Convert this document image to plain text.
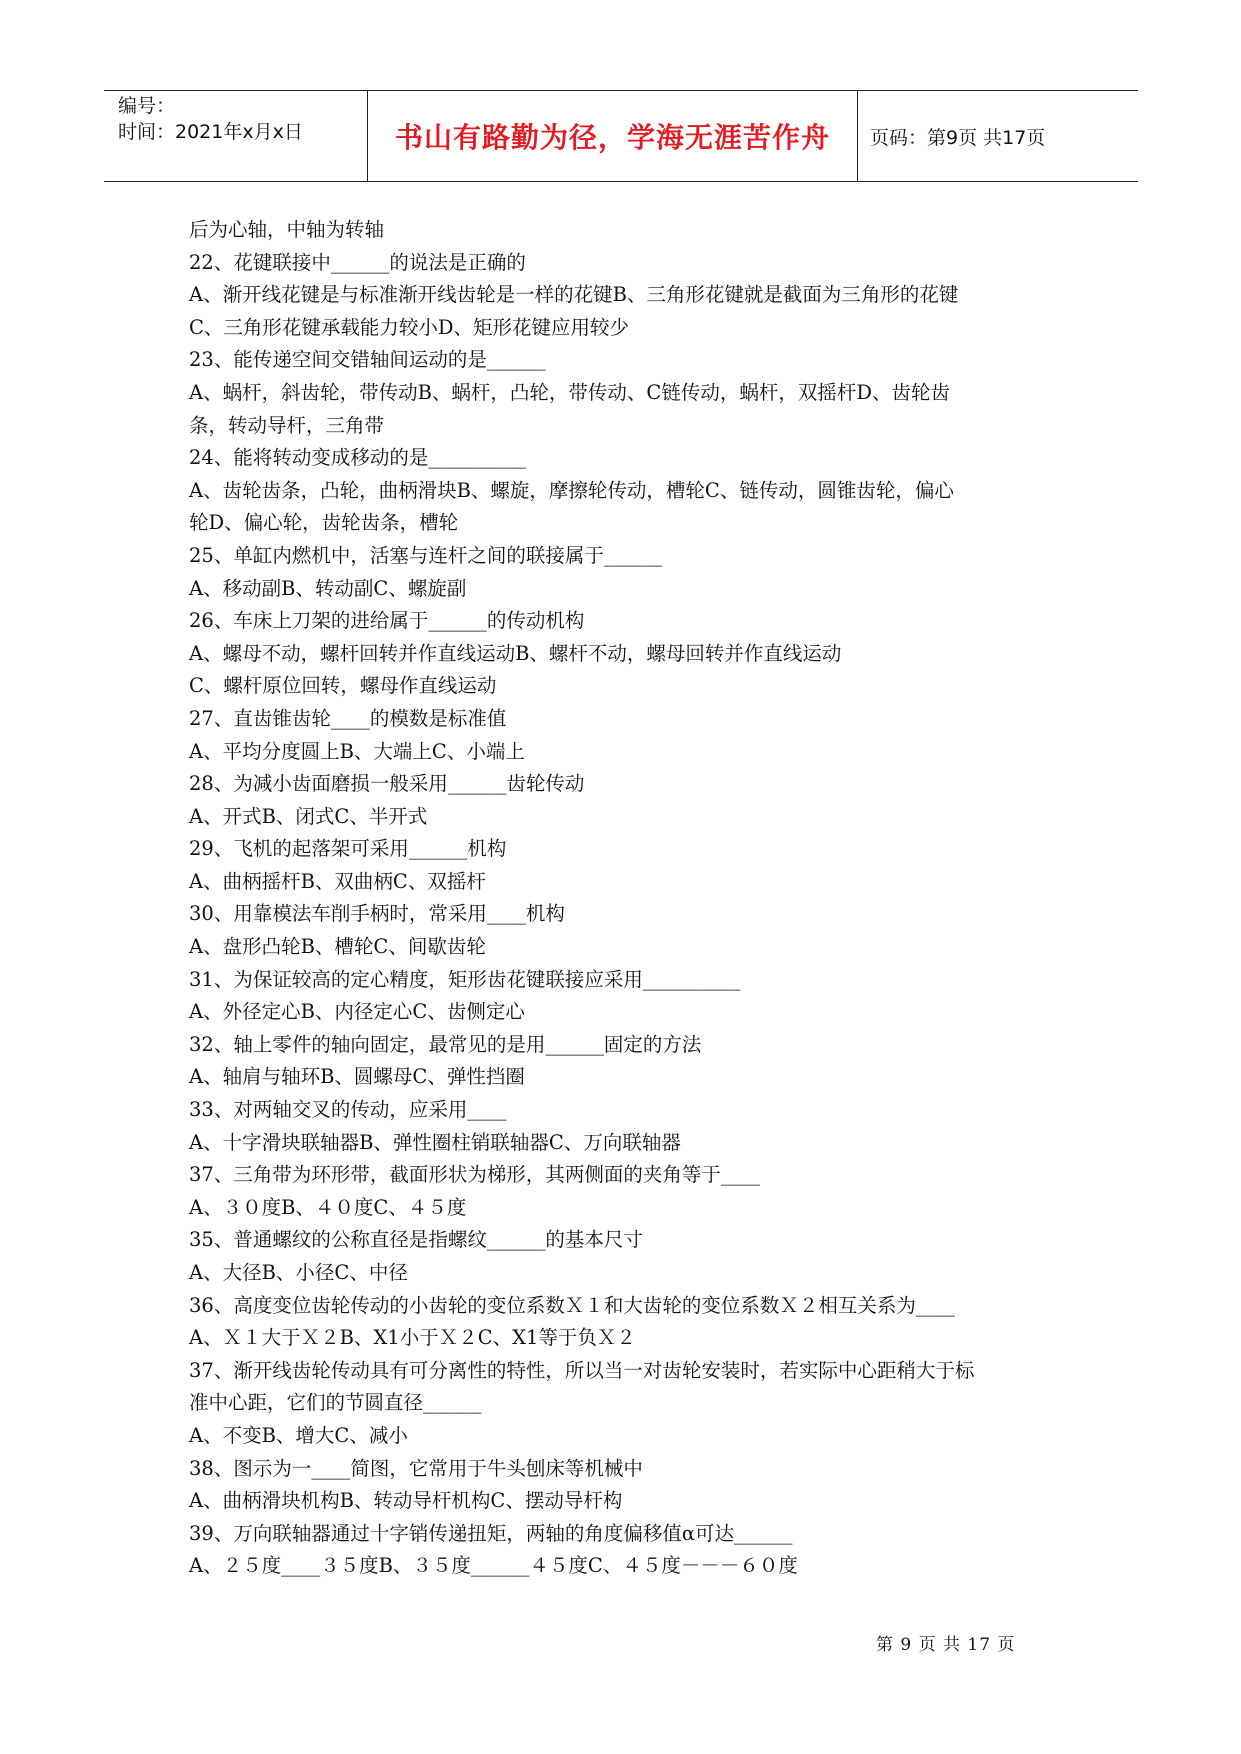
编号：
时间：2021年x月x日	书山有路勤为径，学海无涯苦作舟	页码：第9页 共17页
后为心轴，中轴为转轴
22、花键联接中______的说法是正确的
A、渐开线花键是与标准渐开线齿轮是一样的花键B、三角形花键就是截面为三角形的花键
C、三角形花键承载能力较小D、矩形花键应用较少
23、能传递空间交错轴间运动的是______
A、蜗杆，斜齿轮，带传动B、蜗杆，凸轮，带传动、C链传动，蜗杆，双摇杆D、齿轮齿
条，转动导杆，三角带
24、能将转动变成移动的是__________
A、齿轮齿条，凸轮，曲柄滑块B、螺旋，摩擦轮传动，槽轮C、链传动，圆锥齿轮，偏心
轮D、偏心轮，齿轮齿条，槽轮
25、单缸内燃机中，活塞与连杆之间的联接属于______
A、移动副B、转动副C、螺旋副
26、车床上刀架的进给属于______的传动机构
A、螺母不动，螺杆回转并作直线运动B、螺杆不动，螺母回转并作直线运动
C、螺杆原位回转，螺母作直线运动
27、直齿锥齿轮____的模数是标准值
A、平均分度圆上B、大端上C、小端上
28、为减小齿面磨损一般采用______齿轮传动
A、开式B、闭式C、半开式
29、飞机的起落架可采用______机构
A、曲柄摇杆B、双曲柄C、双摇杆
30、用靠模法车削手柄时，常采用____机构
A、盘形凸轮B、槽轮C、间歇齿轮
31、为保证较高的定心精度，矩形齿花键联接应采用__________
A、外径定心B、内径定心C、齿侧定心
32、轴上零件的轴向固定，最常见的是用______固定的方法
A、轴肩与轴环B、圆螺母C、弹性挡圈
33、对两轴交叉的传动，应采用____
A、十字滑块联轴器B、弹性圈柱销联轴器C、万向联轴器
37、三角带为环形带，截面形状为梯形，其两侧面的夹角等于____
A、３０度B、４０度C、４５度
35、普通螺纹的公称直径是指螺纹______的基本尺寸
A、大径B、小径C、中径
36、高度变位齿轮传动的小齿轮的变位系数Ｘ１和大齿轮的变位系数Ｘ２相互关系为____
A、Ｘ１大于Ｘ２B、X1小于Ｘ２C、X1等于负Ｘ２
37、渐开线齿轮传动具有可分离性的特性，所以当一对齿轮安装时，若实际中心距稍大于标
准中心距，它们的节圆直径______
A、不变B、增大C、减小
38、图示为一____简图，它常用于牛头刨床等机械中
A、曲柄滑块机构B、转动导杆机构C、摆动导杆构
39、万向联轴器通过十字销传递扭矩，两轴的角度偏移值α可达______
A、２５度____３５度B、３５度______４５度C、４５度－－－６０度
第 9 页 共 17 页
